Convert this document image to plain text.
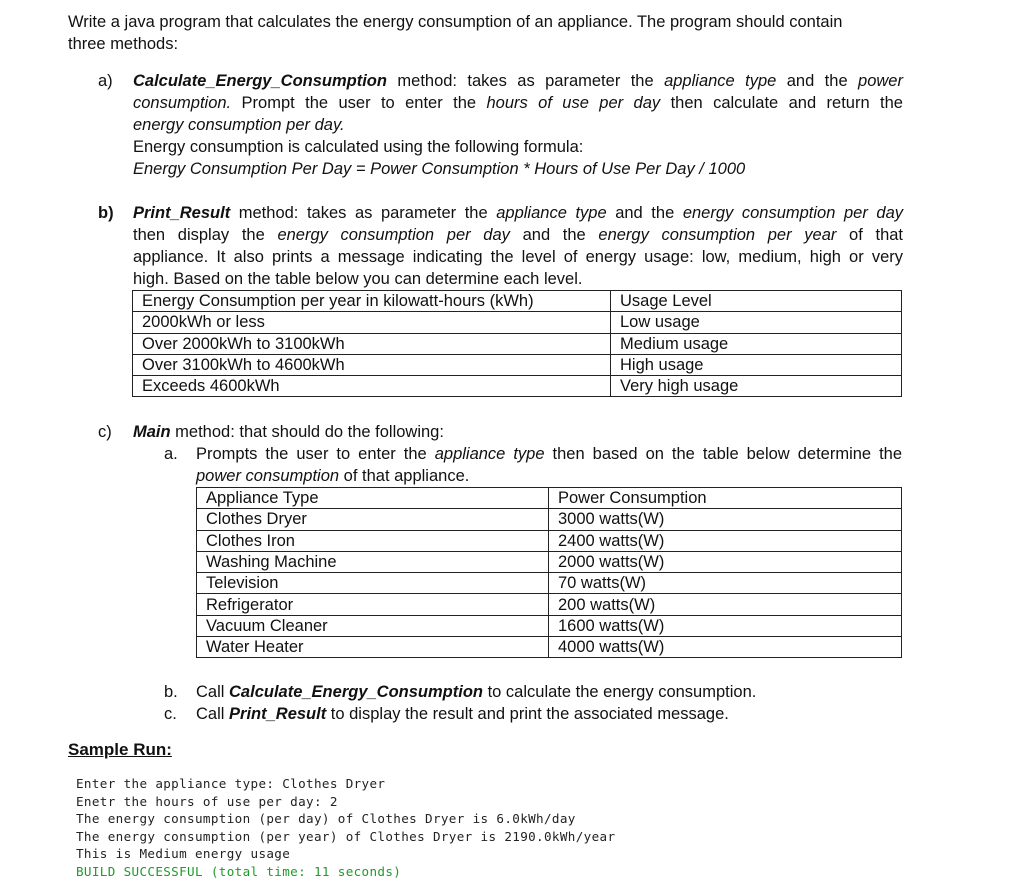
Write a java program that calculates the energy consumption of an appliance. The program should contain
three methods:
a) Calculate_Energy_Consumption method: takes as parameter the appliance type and the power
consumption. Prompt the user to enter the hours of use per day then calculate and return the
energy consumption per day.
Energy consumption is calculated using the following formula:
Energy Consumption Per Day = Power Consumption * Hours of Use Per Day / 1000
b) Print_Result method: takes as parameter the appliance type and the energy consumption per day
then display the energy consumption per day and the energy consumption per year of that
appliance. It also prints a message indicating the level of energy usage: low, medium, high or very
high. Based on the table below you can determine each level.
Energy Consumption per year in kilowatt-hours (kWh)	Usage Level
2000kWh or less	Low usage
Over 2000kWh to 3100kWh	Medium usage
Over 3100kWh to 4600kWh	High usage
Exceeds 4600kWh	Very high usage
c) Main method: that should do the following:
a. Prompts the user to enter the appliance type then based on the table below determine the
power consumption of that appliance.
Appliance Type	Power Consumption
Clothes Dryer	3000 watts(W)
Clothes Iron	2400 watts(W)
Washing Machine	2000 watts(W)
Television	70 watts(W)
Refrigerator	200 watts(W)
Vacuum Cleaner	1600 watts(W)
Water Heater	4000 watts(W)
b. Call Calculate_Energy_Consumption to calculate the energy consumption.
c. Call Print_Result to display the result and print the associated message.
Sample Run:
Enter the appliance type: Clothes Dryer
Enetr the hours of use per day: 2
The energy consumption (per day) of Clothes Dryer is 6.0kWh/day
The energy consumption (per year) of Clothes Dryer is 2190.0kWh/year
This is Medium energy usage
BUILD SUCCESSFUL (total time: 11 seconds)
